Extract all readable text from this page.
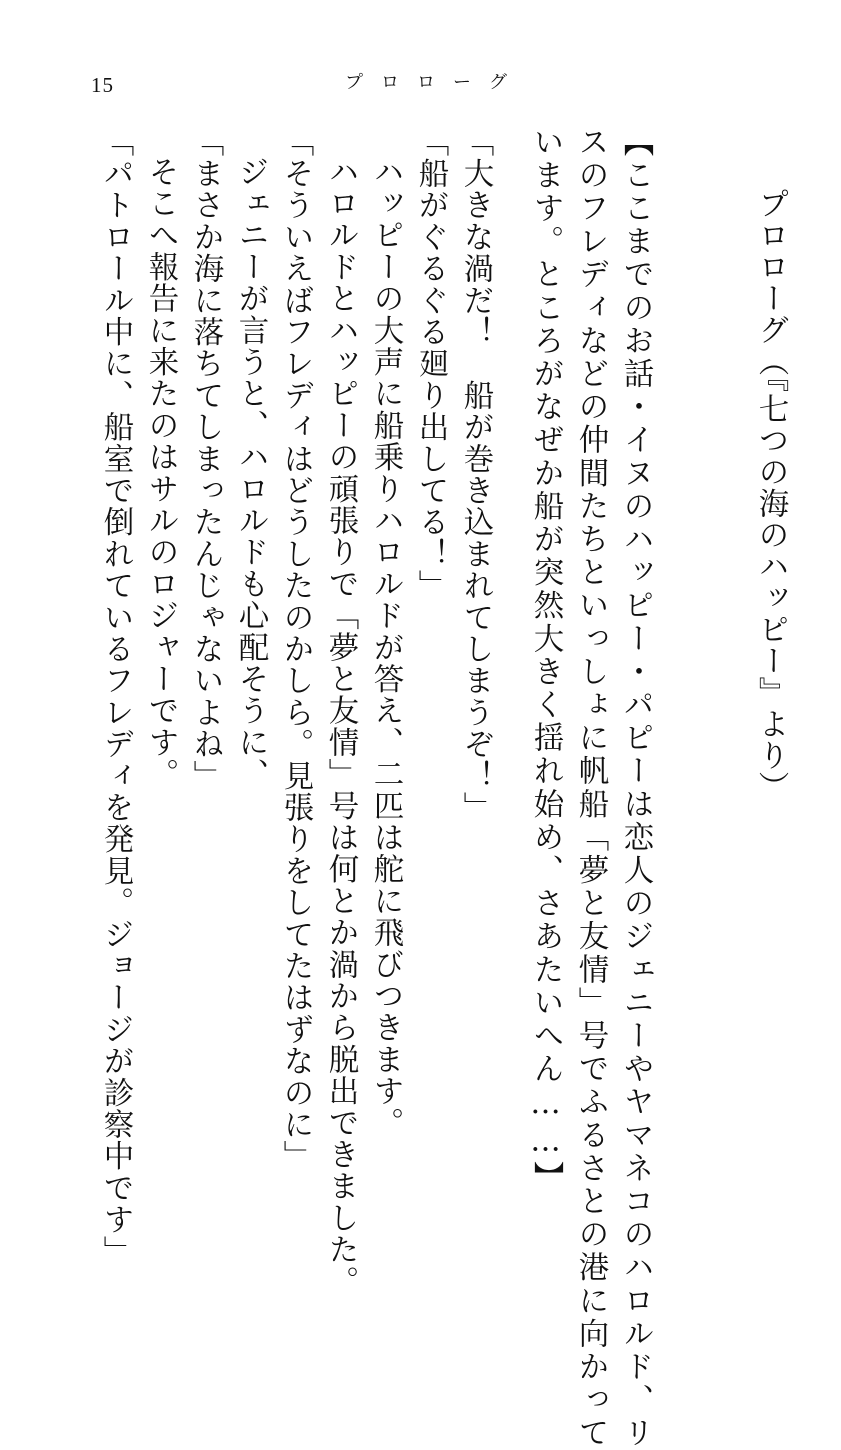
15	プロローグ
プロローグ（『七つの海のハッピー』より）
【ここまでのお話・イヌのハッピー・パピーは恋人のジェニーやヤマネコのハロルド、リ
スのフレディなどの仲間たちといっしょに帆船「夢と友情」号でふるさとの港に向かって
います。ところがなぜか船が突然大きく揺れ始め、さあたいへん……】
「大きな渦だ！　船が巻き込まれてしまうぞ！」
「船がぐるぐる廻り出してる！」
ハッピーの大声に船乗りハロルドが答え、二匹は舵に飛びつきます。
ハロルドとハッピーの頑張りで「夢と友情」号は何とか渦から脱出できました。
「そういえばフレディはどうしたのかしら。見張りをしてたはずなのに」
ジェニーが言うと、ハロルドも心配そうに、
「まさか海に落ちてしまったんじゃないよね」
そこへ報告に来たのはサルのロジャーです。
「パトロール中に、船室で倒れているフレディを発見。ジョージが診察中です」
